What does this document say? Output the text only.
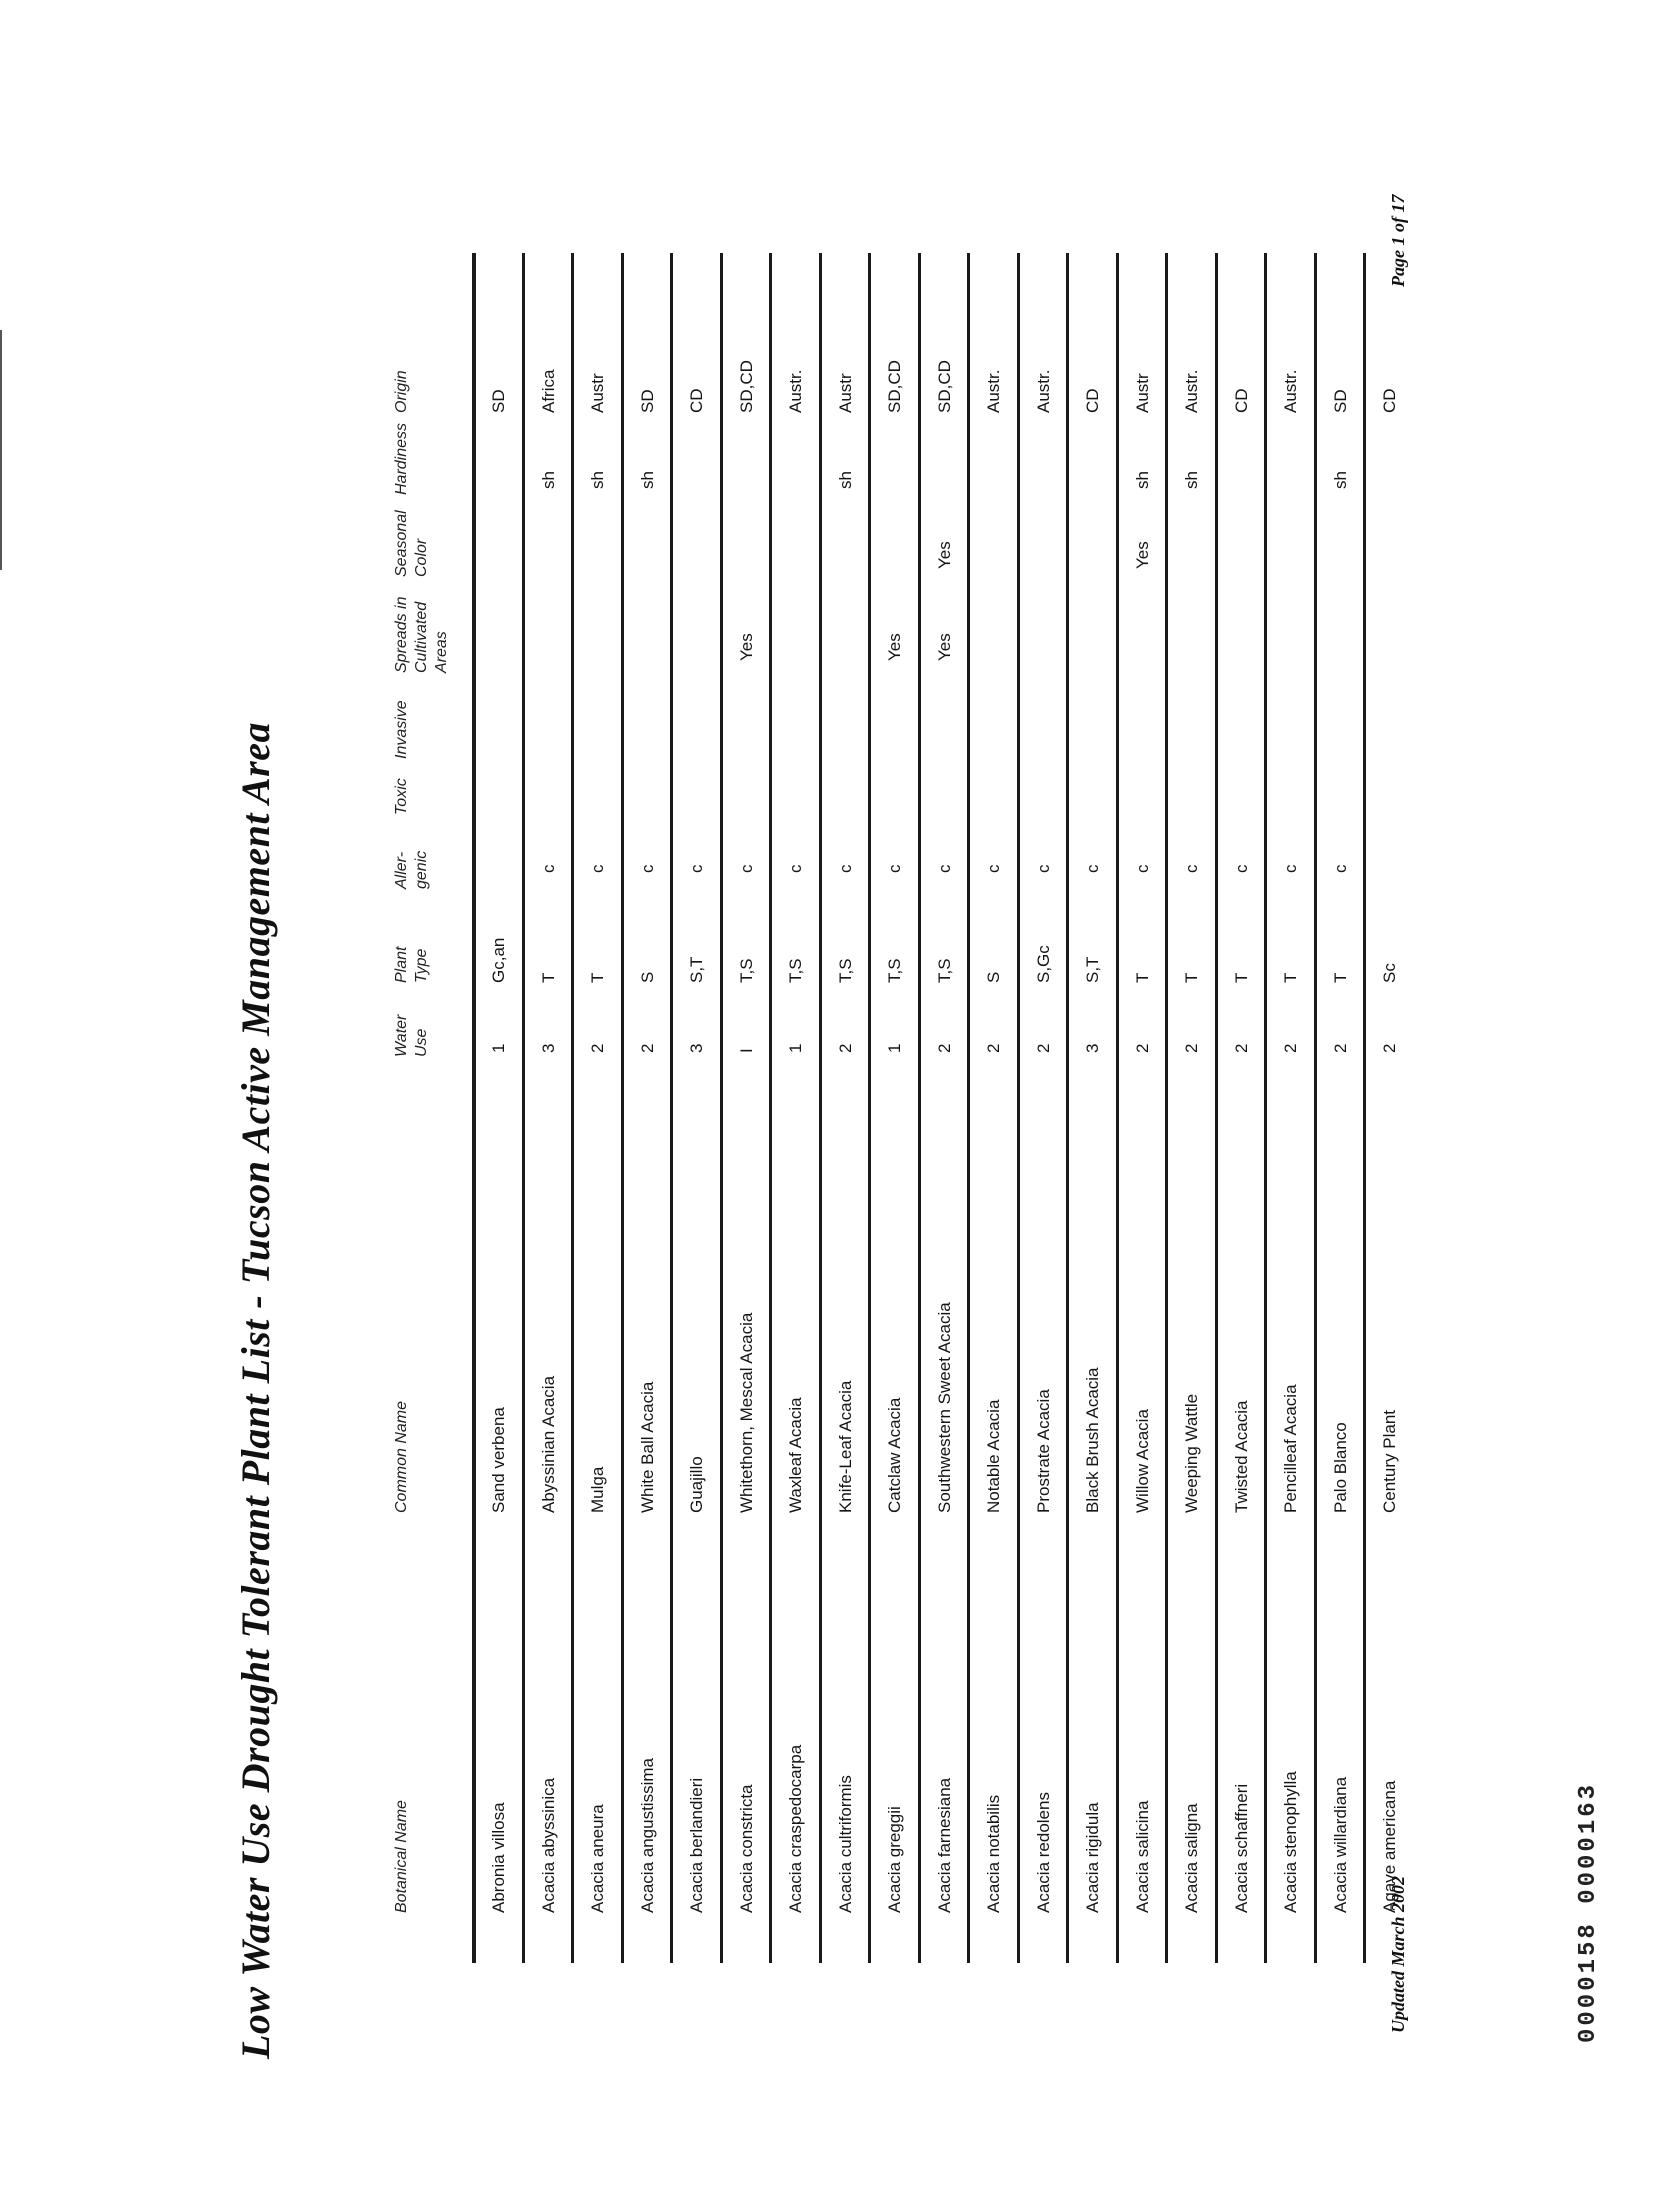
Low Water Use Drought Tolerant Plant List - Tucson Active Management Area	Botanical Name
Common Name
Water Use
Plant Type
Aller-genic
Toxic
Invasive
Spreads in Cultivated Areas
Seasonal Color
Hardiness
Origin
Abronia villosa
Sand verbena
1
Gc,an
SD
Acacia abyssinica
Abyssinian Acacia
3
T
c
sh
Africa
Acacia aneura
Mulga
2
T
c
sh
Austr
Acacia angustissima
White Ball Acacia
2
S
c
sh
SD
Acacia berlandieri
Guajillo
3
S,T
c
CD
Acacia constricta
Whitethorn, Mescal Acacia
I
T,S
c
Yes
SD,CD
Acacia craspedocarpa
Waxleaf Acacia
1
T,S
c
Austr.
Acacia cultriformis
Knife-Leaf Acacia
2
T,S
c
sh
Austr
Acacia greggii
Catclaw Acacia
1
T,S
c
Yes
SD,CD
Acacia farnesiana
Southwestern Sweet Acacia
2
T,S
c
Yes
Yes
SD,CD
Acacia notabilis
Notable Acacia
2
S
c
Austr.
Acacia redolens
Prostrate Acacia
2
S,Gc
c
Austr.
Acacia rigidula
Black Brush Acacia
3
S,T
c
CD
Acacia salicina
Willow Acacia
2
T
c
Yes
sh
Austr
Acacia saligna
Weeping Wattle
2
T
c
sh
Austr.
Acacia schaffneri
Twisted Acacia
2
T
c
CD
Acacia stenophylla
Pencilleaf Acacia
2
T
c
Austr.
Acacia willardiana
Palo Blanco
2
T
c
sh
SD
Agave americana
Century Plant
2
Sc
CD
Updated March 2002
Page 1 of 17
0000158 0000163
